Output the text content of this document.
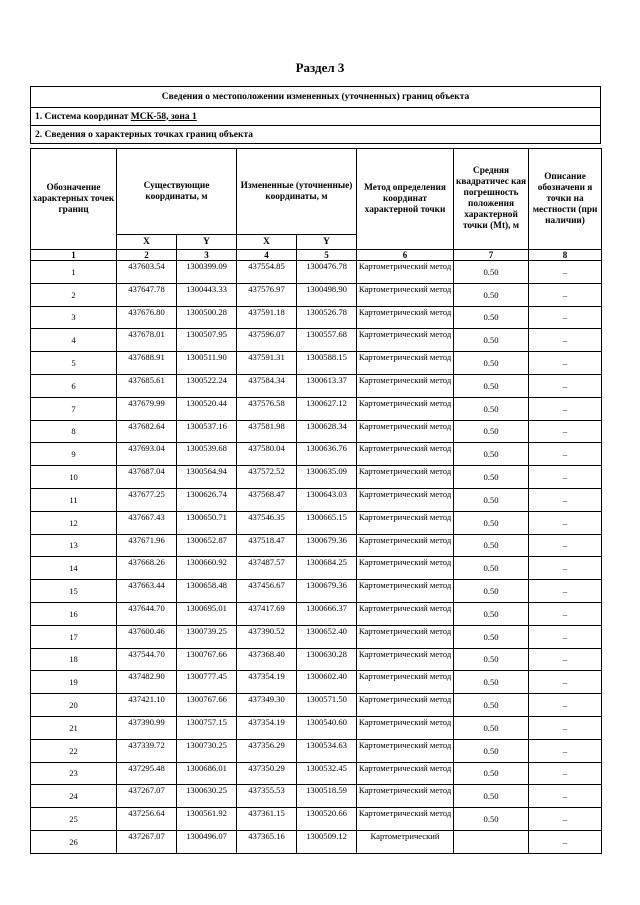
Раздел 3
Сведения о местоположении измененных (уточненных) границ объекта
1. Система координат МСК-58, зона 1
2. Сведения о характерных точках границ объекта
Обозначение характерных точек границ	Существующие координаты, м		Измененные (уточненные) координаты, м		Метод определения координат характерной точки	Средняя квадратичес кая погрешность положения характерной точки (Mt), м	Описание обозначени я точки на местности (при наличии)
	X	Y	X	Y			
1	2	3	4	5	6	7	8
1	437603.54	1300399.09	437554.85	1300476.78	Картометрический метод	0.50	–
2	437647.78	1300443.33	437576.97	1300498.90	Картометрический метод	0.50	–
3	437676.80	1300500.28	437591.18	1300526.78	Картометрический метод	0.50	–
4	437678.01	1300507.95	437596.07	1300557.68	Картометрический метод	0.50	–
5	437688.91	1300511.90	437591.31	1300588.15	Картометрический метод	0.50	–
6	437685.61	1300522.24	437584.34	1300613.37	Картометрический метод	0.50	–
7	437679.99	1300520.44	437576.58	1300627.12	Картометрический метод	0.50	–
8	437682.64	1300537.16	437581.98	1300628.34	Картометрический метод	0.50	–
9	437693.04	1300539.68	437580.04	1300636.76	Картометрический метод	0.50	–
10	437687.04	1300564.94	437572.52	1300635.09	Картометрический метод	0.50	–
11	437677.25	1300626.74	437568.47	1300643.03	Картометрический метод	0.50	–
12	437667.43	1300650.71	437546.35	1300665.15	Картометрический метод	0.50	–
13	437671.96	1300652.87	437518.47	1300679.36	Картометрический метод	0.50	–
14	437668.26	1300660.92	437487.57	1300684.25	Картометрический метод	0.50	–
15	437663.44	1300658.48	437456.67	1300679.36	Картометрический метод	0.50	–
16	437644.70	1300695.01	437417.69	1300666.37	Картометрический метод	0.50	–
17	437600.46	1300739.25	437390.52	1300652.40	Картометрический метод	0.50	–
18	437544.70	1300767.66	437368.40	1300630.28	Картометрический метод	0.50	–
19	437482.90	1300777.45	437354.19	1300602.40	Картометрический метод	0.50	–
20	437421.10	1300767.66	437349.30	1300571.50	Картометрический метод	0.50	–
21	437390.99	1300757.15	437354.19	1300540.60	Картометрический метод	0.50	–
22	437339.72	1300730.25	437356.29	1300534.63	Картометрический метод	0.50	–
23	437295.48	1300686.01	437350.29	1300532.45	Картометрический метод	0.50	–
24	437267.07	1300630.25	437355.53	1300518.59	Картометрический метод	0.50	–
25	437256.64	1300561.92	437361.15	1300520.66	Картометрический метод	0.50	–
26	437267.07	1300496.07	437365.16	1300509.12	Картометрический		–
